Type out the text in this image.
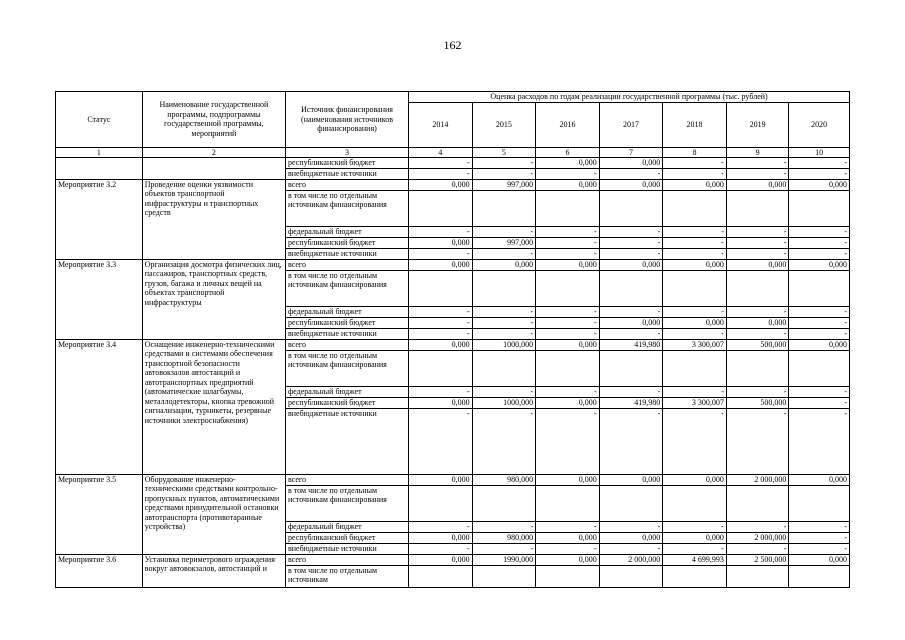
162
Статус	Наименование государственной программы, подпрограммы государственной программы, мероприятий	Источник финансирования (наименования источников финансирования)	Оценка расходов по годам реализации государственной программы (тыс. рублей)						
			2014	2015	2016	2017	2018	2019	2020
1	2	3	4	5	6	7	8	9	10
		республиканский бюджет	-	-	0,000	0,000	-	-	-
		внебюджетные источники	-	-	-	-	-	-	-
Мероприятие 3.2	Проведение оценки уязвимости объектов транспортной инфраструктуры и транспортных средств	всего	0,000	997,000	0,000	0,000	0,000	0,000	0,000
		в том числе по отдельным источникам финансирования							
		федеральный бюджет	-	-	-	-	-	-	-
		республиканский бюджет	0,000	997,000	-	-	-	-	-
		внебюджетные источники	-	-	-	-	-	-	-
Мероприятие 3.3	Организация досмотра физических лиц, пассажиров, транспортных средств, грузов, багажа и личных вещей на объектах транспортной инфраструктуры	всего	0,000	0,000	0,000	0,000	0,000	0,000	0,000
		в том числе по отдельным источникам финансирования							
		федеральный бюджет	-	-	-	-	-	-	-
		республиканский бюджет	-	-	-	0,000	0,000	0,000	-
		внебюджетные источники	-	-	-	-	-	-	-
Мероприятие 3.4	Оснащение инженерно-техническими средствами и системами обеспечения транспортной безопасности автовокзалов автостанций и автотранспортных предприятий (автоматические шлагбаумы, металлодетекторы, кнопка тревожной сигнализации, турникеты, резервные источники электроснабжения)	всего	0,000	1000,000	0,000	419,980	3 300,007	500,000	0,000
		в том числе по отдельным источникам финансирования							
		федеральный бюджет	-	-	-	-	-	-	-
		республиканский бюджет	0,000	1000,000	0,000	419,980	3 300,007	500,000	-
		внебюджетные источники	-	-	-	-	-	-	-
Мероприятие 3.5	Оборудование инженерно-техническими средствами контрольно-пропускных пунктов, автоматическими средствами принудительной остановки автотранспорта (противотаранные устройства)	всего	0,000	980,000	0,000	0,000	0,000	2 000,000	0,000
		в том числе по отдельным источникам финансирования							
		федеральный бюджет	-	-	-	-	-	-	-
		республиканский бюджет	0,000	980,000	0,000	0,000	0,000	2 000,000	-
		внебюджетные источники	-	-	-	-	-	-	-
Мероприятие 3.6	Установка периметрового ограждения вокруг автовокзалов, автостанций и	всего	0,000	1990,000	0,000	2 000,000	4 699,993	2 500,000	0,000
		в том числе по отдельным источникам							
